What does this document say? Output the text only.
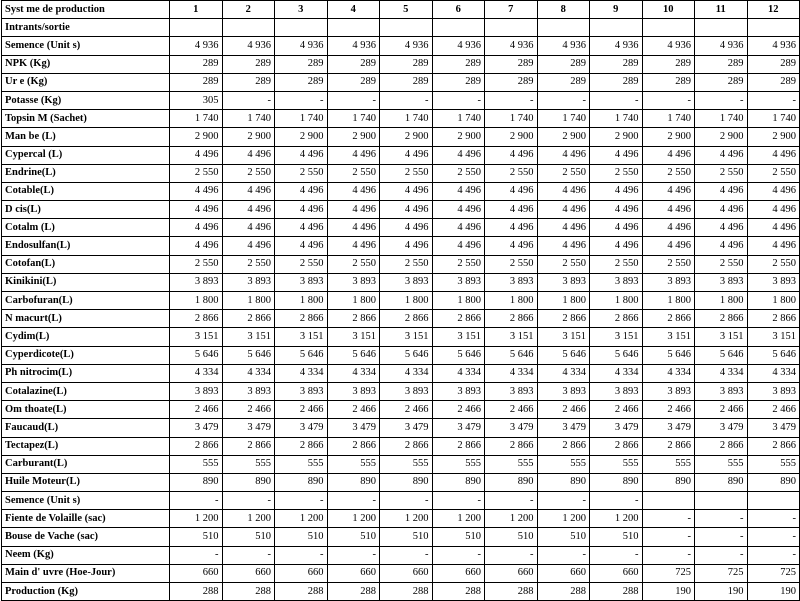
Syst me de production	1	2	3	4	5	6	7	8	9	10	11	12
Intrants/sortie												
Semence (Unit s)	4 936	4 936	4 936	4 936	4 936	4 936	4 936	4 936	4 936	4 936	4 936	4 936
NPK (Kg)	289	289	289	289	289	289	289	289	289	289	289	289
Ur e (Kg)	289	289	289	289	289	289	289	289	289	289	289	289
Potasse (Kg)	305	-	-	-	-	-	-	-	-	-	-	-
Topsin M (Sachet)	1 740	1 740	1 740	1 740	1 740	1 740	1 740	1 740	1 740	1 740	1 740	1 740
Man be (L)	2 900	2 900	2 900	2 900	2 900	2 900	2 900	2 900	2 900	2 900	2 900	2 900
Cypercal (L)	4 496	4 496	4 496	4 496	4 496	4 496	4 496	4 496	4 496	4 496	4 496	4 496
Endrine(L)	2 550	2 550	2 550	2 550	2 550	2 550	2 550	2 550	2 550	2 550	2 550	2 550
Cotable(L)	4 496	4 496	4 496	4 496	4 496	4 496	4 496	4 496	4 496	4 496	4 496	4 496
D cis(L)	4 496	4 496	4 496	4 496	4 496	4 496	4 496	4 496	4 496	4 496	4 496	4 496
Cotalm (L)	4 496	4 496	4 496	4 496	4 496	4 496	4 496	4 496	4 496	4 496	4 496	4 496
Endosulfan(L)	4 496	4 496	4 496	4 496	4 496	4 496	4 496	4 496	4 496	4 496	4 496	4 496
Cotofan(L)	2 550	2 550	2 550	2 550	2 550	2 550	2 550	2 550	2 550	2 550	2 550	2 550
Kinikini(L)	3 893	3 893	3 893	3 893	3 893	3 893	3 893	3 893	3 893	3 893	3 893	3 893
Carbofuran(L)	1 800	1 800	1 800	1 800	1 800	1 800	1 800	1 800	1 800	1 800	1 800	1 800
N macurt(L)	2 866	2 866	2 866	2 866	2 866	2 866	2 866	2 866	2 866	2 866	2 866	2 866
Cydim(L)	3 151	3 151	3 151	3 151	3 151	3 151	3 151	3 151	3 151	3 151	3 151	3 151
Cyperdicote(L)	5 646	5 646	5 646	5 646	5 646	5 646	5 646	5 646	5 646	5 646	5 646	5 646
Ph nitrocim(L)	4 334	4 334	4 334	4 334	4 334	4 334	4 334	4 334	4 334	4 334	4 334	4 334
Cotalazine(L)	3 893	3 893	3 893	3 893	3 893	3 893	3 893	3 893	3 893	3 893	3 893	3 893
Om thoate(L)	2 466	2 466	2 466	2 466	2 466	2 466	2 466	2 466	2 466	2 466	2 466	2 466
Faucaud(L)	3 479	3 479	3 479	3 479	3 479	3 479	3 479	3 479	3 479	3 479	3 479	3 479
Tectapez(L)	2 866	2 866	2 866	2 866	2 866	2 866	2 866	2 866	2 866	2 866	2 866	2 866
Carburant(L)	555	555	555	555	555	555	555	555	555	555	555	555
Huile Moteur(L)	890	890	890	890	890	890	890	890	890	890	890	890
Semence (Unit s)	-	-	-	-	-	-	-	-	-			
Fiente de Volaille (sac)	1 200	1 200	1 200	1 200	1 200	1 200	1 200	1 200	1 200	-	-	-
Bouse de Vache (sac)	510	510	510	510	510	510	510	510	510	-	-	-
Neem (Kg)	-	-	-	-	-	-	-	-	-	-	-	-
Main d' uvre (Hoe-Jour)	660	660	660	660	660	660	660	660	660	725	725	725
Production (Kg)	288	288	288	288	288	288	288	288	288	190	190	190
